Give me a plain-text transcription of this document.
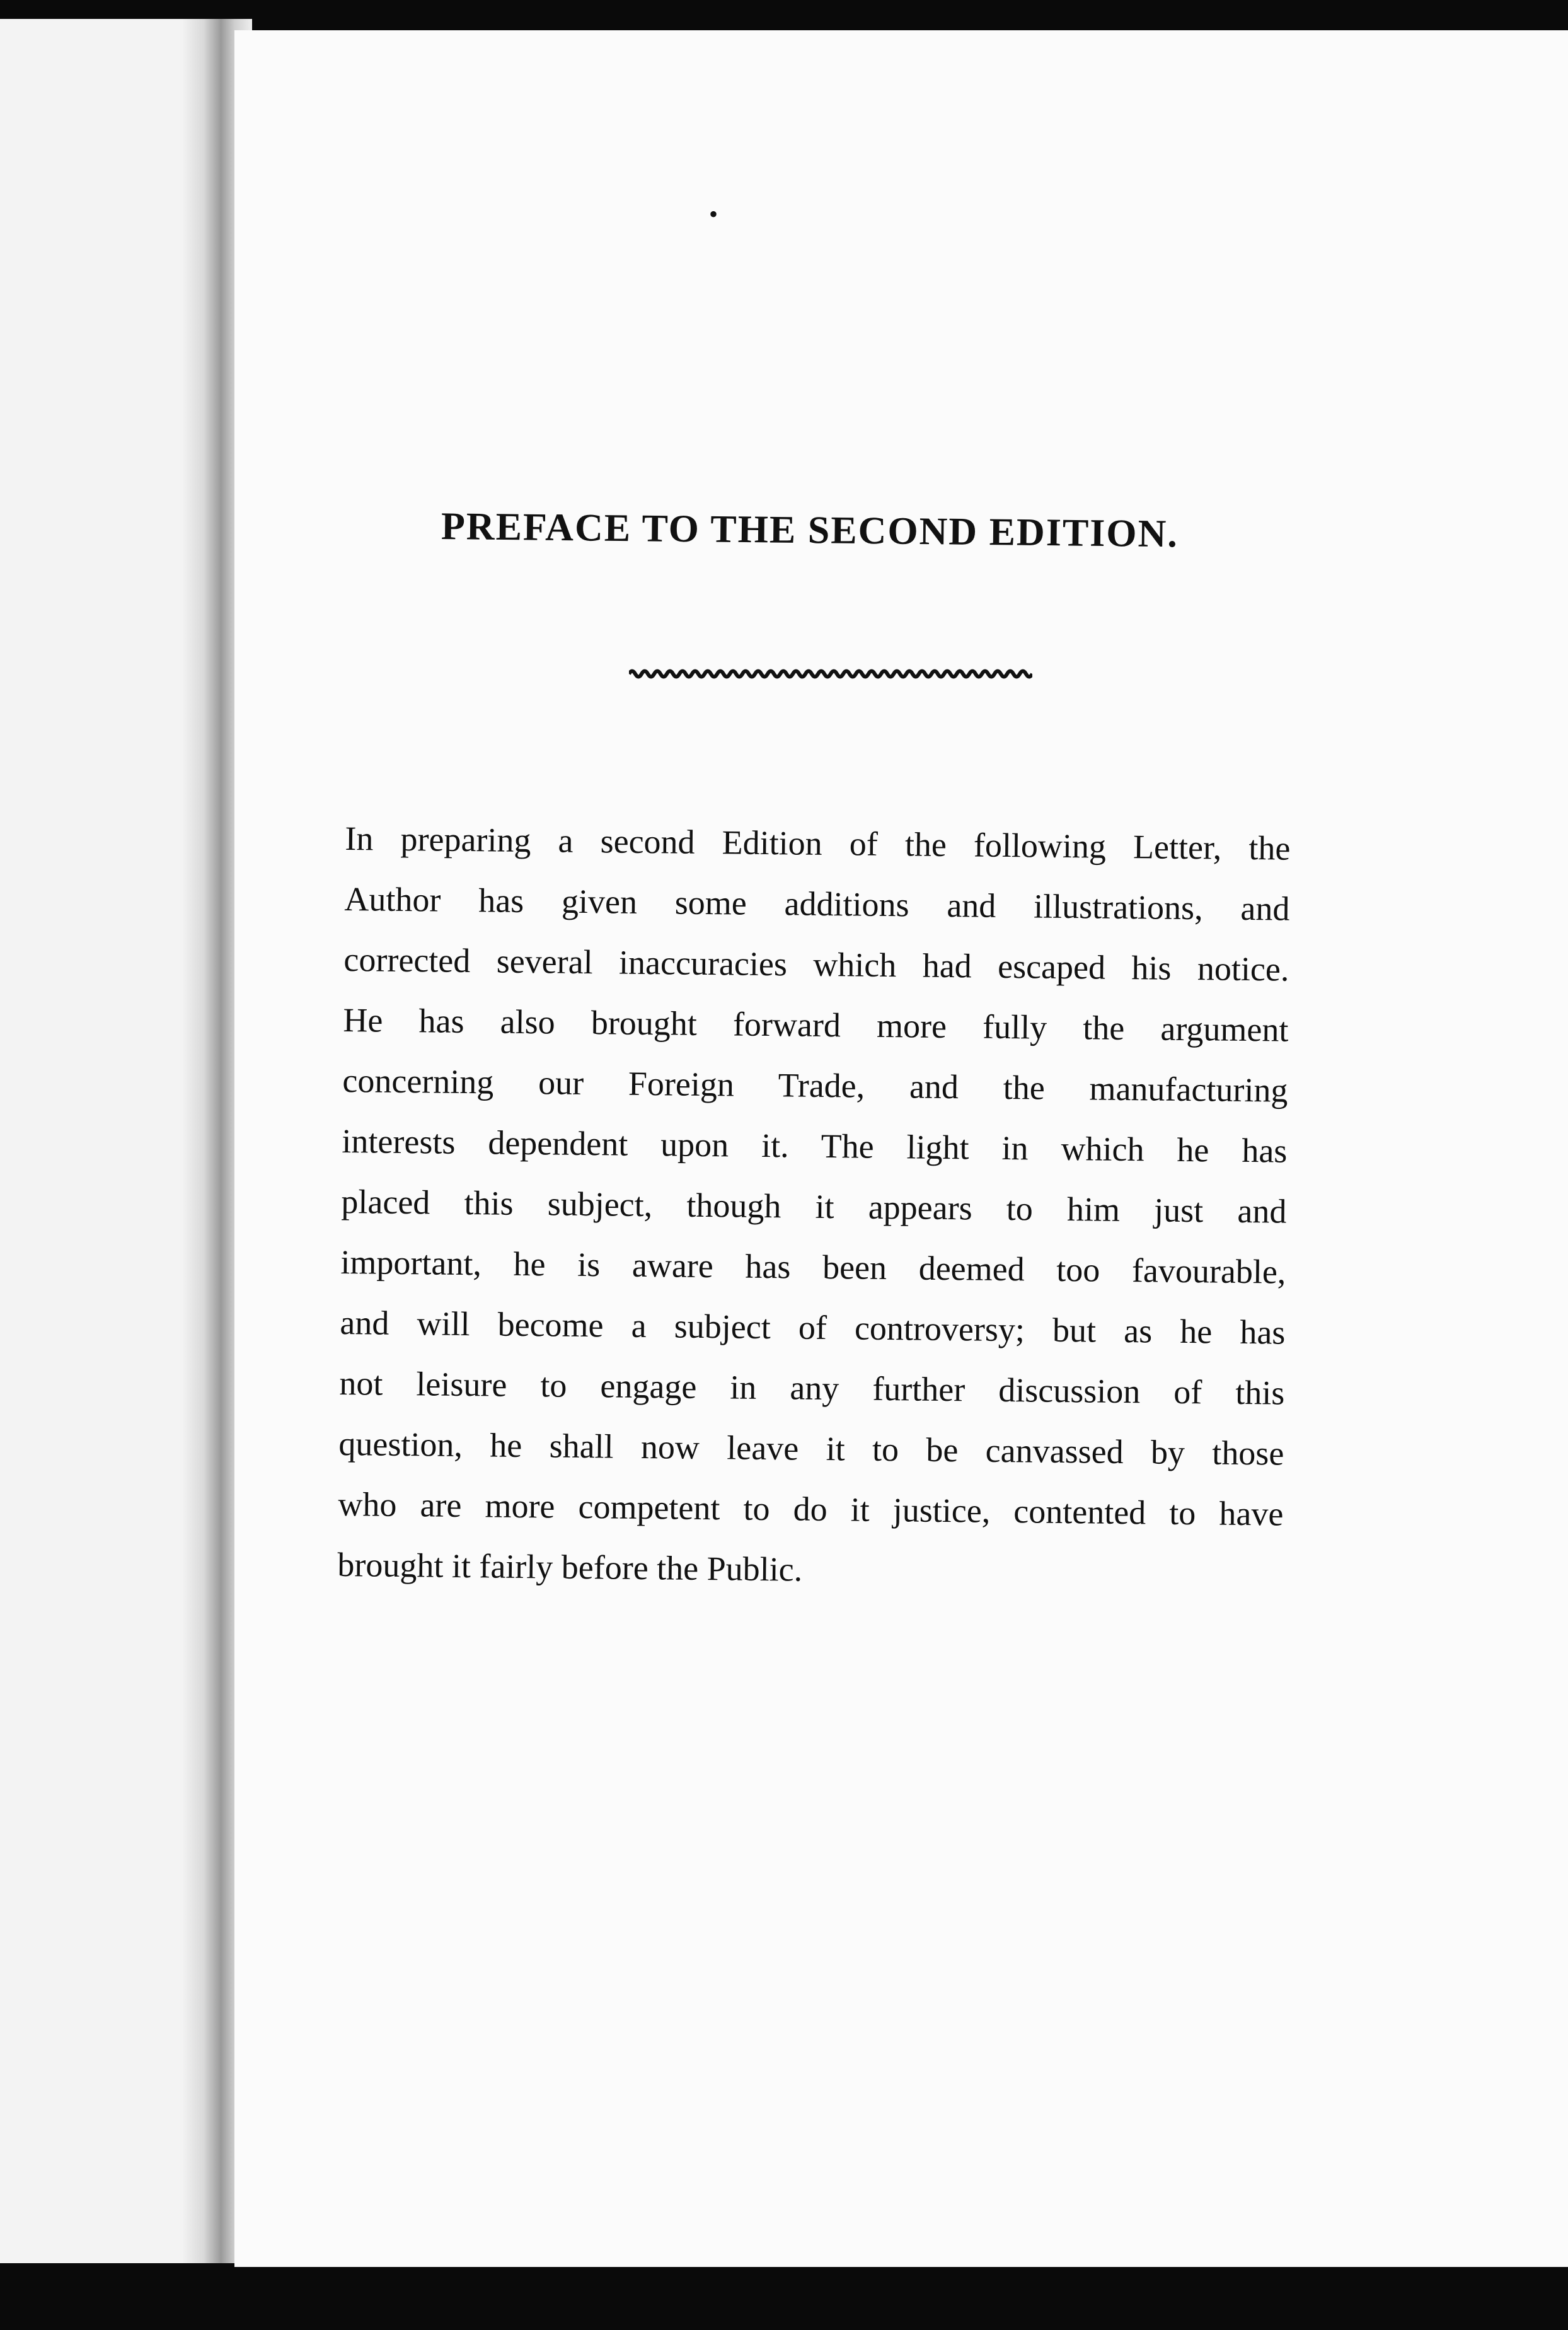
•
PREFACE TO THE SECOND EDITION.
In preparing a second Edition of the following Letter, the
Author has given some additions and illustrations, and
corrected several inaccuracies which had escaped his notice.
He has also brought forward more fully the argument
concerning our Foreign Trade, and the manufacturing
interests dependent upon it. The light in which he has
placed this subject, though it appears to him just and
important, he is aware has been deemed too favourable,
and will become a subject of controversy; but as he has
not leisure to engage in any further discussion of this
question, he shall now leave it to be canvassed by those
who are more competent to do it justice, contented to have
brought it fairly before the Public.
